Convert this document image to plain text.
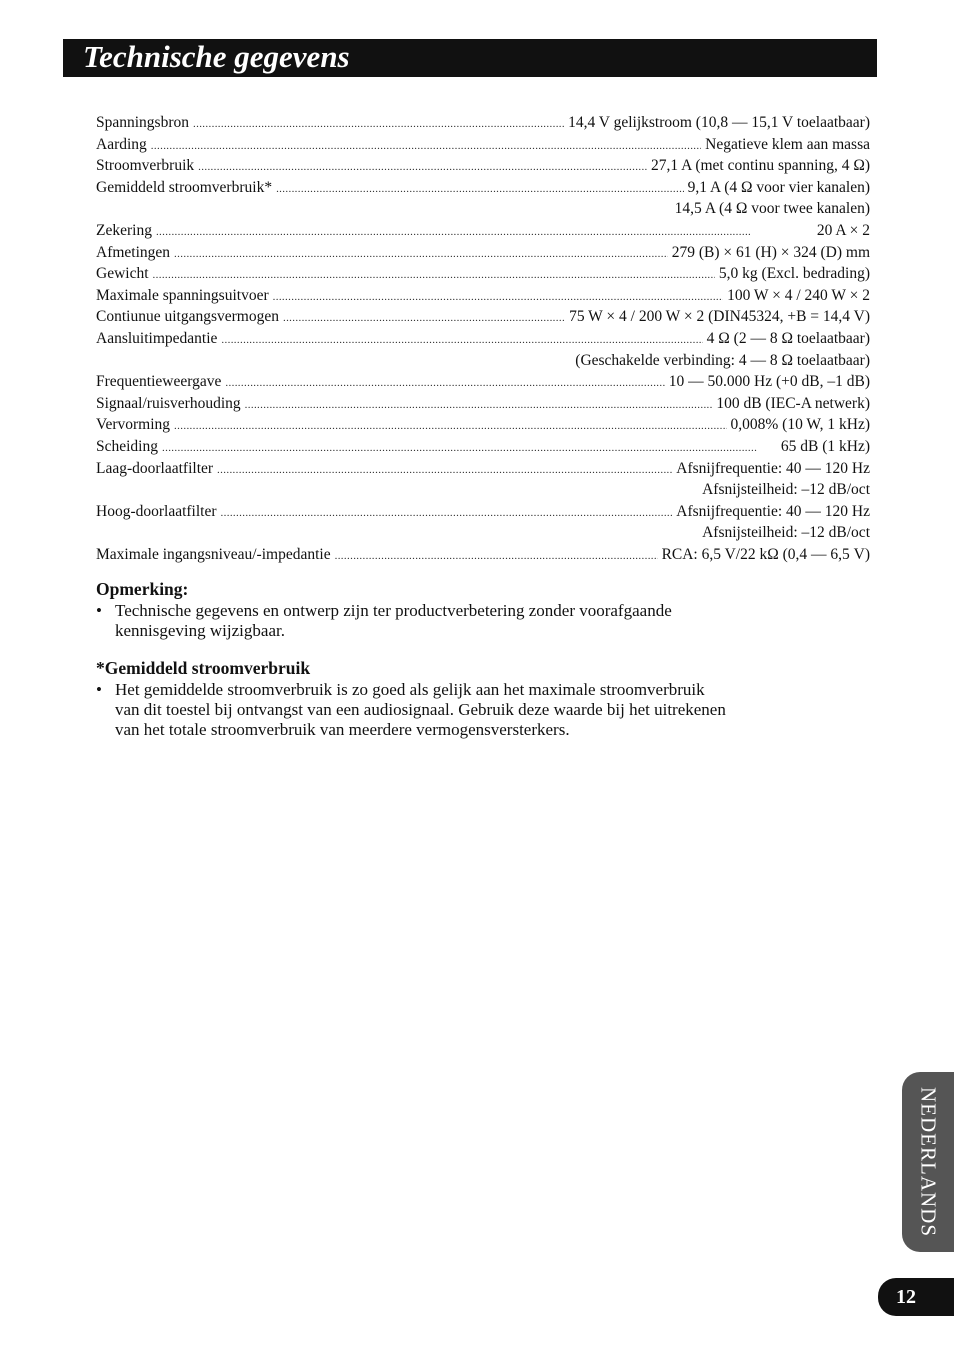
Technische gegevens
Spanningsbron . . .	14,4 V gelijkstroom (10,8 — 15,1 V toelaatbaar)
Aarding . . .	Negatieve klem aan massa
Stroomverbruik . . .	27,1 A (met continu spanning, 4 Ω)
Gemiddeld stroomverbruik* . . .	9,1 A (4 Ω voor vier kanalen)
14,5 A (4 Ω voor twee kanalen)
Zekering . . .	20 A × 2
Afmetingen . . .	279 (B) × 61 (H) × 324 (D) mm
Gewicht . . .	5,0 kg (Excl. bedrading)
Maximale spanningsuitvoer . . .	100 W × 4 / 240 W × 2
Contiunue uitgangsvermogen . . .	75 W × 4 / 200 W × 2 (DIN45324, +B = 14,4 V)
Aansluitimpedantie . . .	4 Ω (2 — 8 Ω toelaatbaar)
(Geschakelde verbinding: 4 — 8 Ω toelaatbaar)
Frequentieweergave . . .	10 — 50.000 Hz (+0 dB, –1 dB)
Signaal/ruisverhouding . . .	100 dB (IEC-A netwerk)
Vervorming . . .	0,008% (10 W, 1 kHz)
Scheiding . . .	65 dB (1 kHz)
Laag-doorlaatfilter . . .	Afsnijfrequentie: 40 — 120 Hz
Afsnijsteilheid: –12 dB/oct
Hoog-doorlaatfilter . . .	Afsnijfrequentie: 40 — 120 Hz
Afsnijsteilheid: –12 dB/oct
Maximale ingangsniveau/-impedantie . . .	RCA: 6,5 V/22 kΩ (0,4 — 6,5 V)
Opmerking:
• Technische gegevens en ontwerp zijn ter productverbetering zonder voorafgaande kennisgeving wijzigbaar.
*Gemiddeld stroomverbruik
• Het gemiddelde stroomverbruik is zo goed als gelijk aan het maximale stroomverbruik van dit toestel bij ontvangst van een audiosignaal. Gebruik deze waarde bij het uitrekenen van het totale stroomverbruik van meerdere vermogensversterkers.
NEDERLANDS
12
